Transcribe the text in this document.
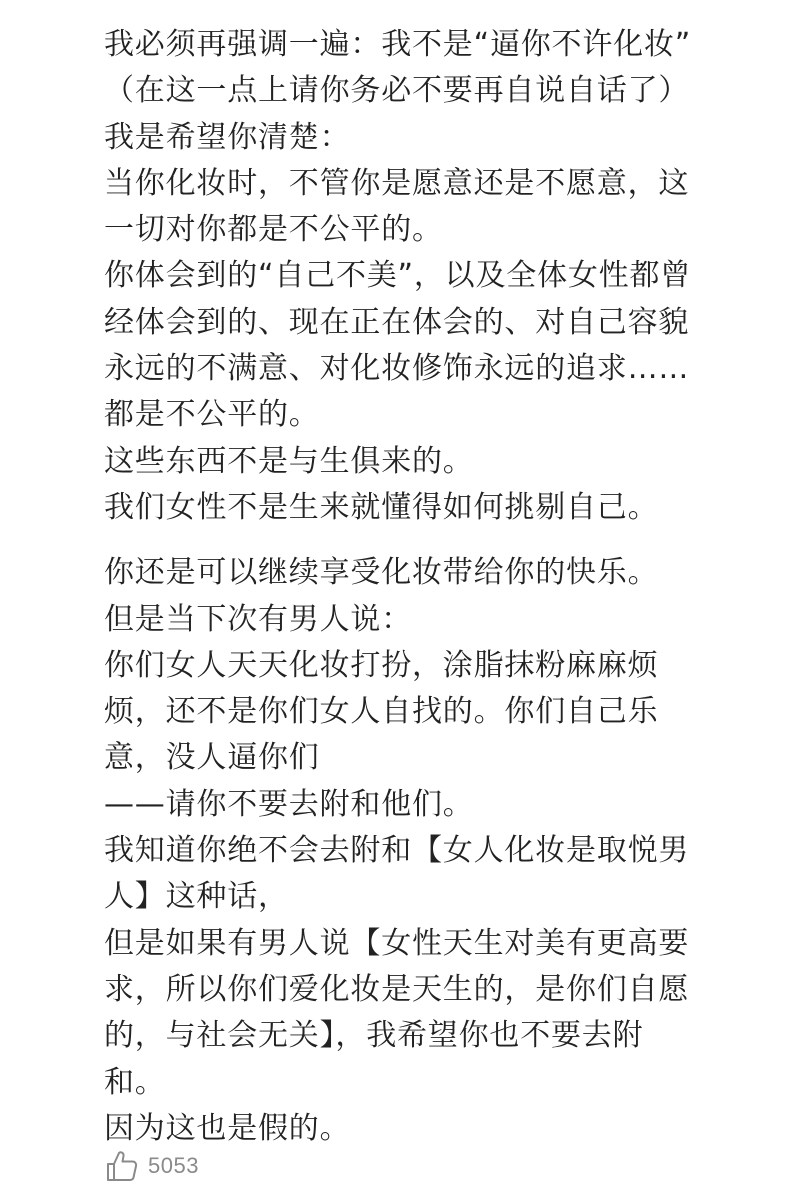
我必须再强调一遍：我不是“逼你不许化妆”
（在这一点上请你务必不要再自说自话了）
我是希望你清楚：
当你化妆时，不管你是愿意还是不愿意，这
一切对你都是不公平的。
你体会到的“自己不美”，以及全体女性都曾
经体会到的、现在正在体会的、对自己容貌
永远的不满意、对化妆修饰永远的追求……
都是不公平的。
这些东西不是与生俱来的。
我们女性不是生来就懂得如何挑剔自己。

你还是可以继续享受化妆带给你的快乐。
但是当下次有男人说：
你们女人天天化妆打扮，涂脂抹粉麻麻烦
烦，还不是你们女人自找的。你们自己乐
意，没人逼你们
——请你不要去附和他们。
我知道你绝不会去附和【女人化妆是取悦男
人】这种话，
但是如果有男人说【女性天生对美有更高要
求，所以你们爱化妆是天生的，是你们自愿
的，与社会无关】，我希望你也不要去附
和。
因为这也是假的。

5053
